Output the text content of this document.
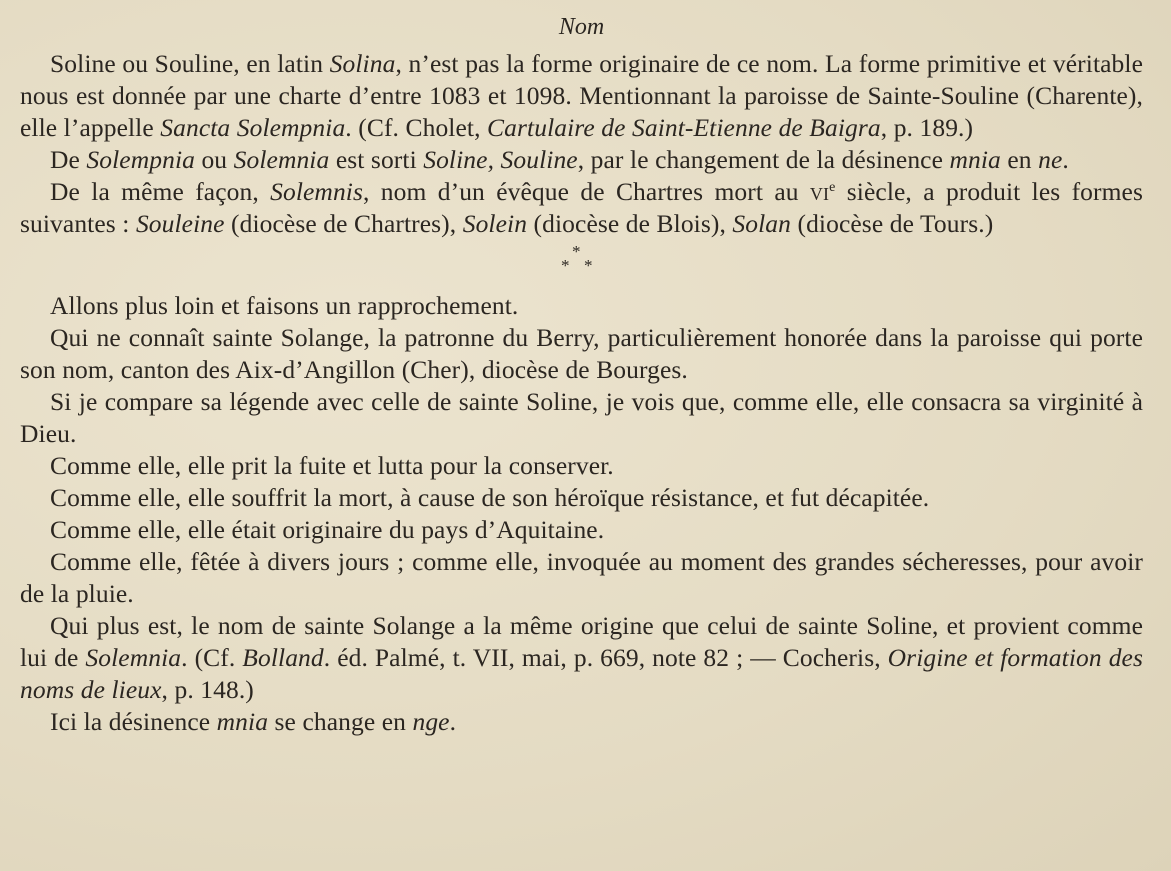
Nom

Soline ou Souline, en latin Solina, n’est pas la forme originaire de ce nom. La forme primitive et véritable nous est donnée par une charte d’entre 1083 et 1098. Mentionnant la paroisse de Sainte-Souline (Charente), elle l’appelle Sancta Solempnia. (Cf. Cholet, Cartulaire de Saint-Etienne de Baigra, p. 189.)

De Solempnia ou Solemnia est sorti Soline, Souline, par le changement de la désinence mnia en ne.

De la même façon, Solemnis, nom d’un évêque de Chartres mort au $vi^e$ siècle, a produit les formes suivantes : Souleine (diocèse de Chartres), Solein (diocèse de Blois), Solan (diocèse de Tours.)

*
* *

Allons plus loin et faisons un rapprochement.

Qui ne connaît sainte Solange, la patronne du Berry, particulièrement honorée dans la paroisse qui porte son nom, canton des Aix-d’Angillon (Cher), diocèse de Bourges.

Si je compare sa légende avec celle de sainte Soline, je vois que, comme elle, elle consacra sa virginité à Dieu.

Comme elle, elle prit la fuite et lutta pour la conserver.

Comme elle, elle souffrit la mort, à cause de son héroïque résistance, et fut décapitée.

Comme elle, elle était originaire du pays d’Aquitaine.

Comme elle, fêtée à divers jours ; comme elle, invoquée au moment des grandes sécheresses, pour avoir de la pluie.

Qui plus est, le nom de sainte Solange a la même origine que celui de sainte Soline, et provient comme lui de Solemnia. (Cf. Bolland. éd. Palmé, t. VII, mai, p. 669, note 82 ; — Cocheris, Origine et formation des noms de lieux, p. 148.)

Ici la désinence mnia se change en nge.
